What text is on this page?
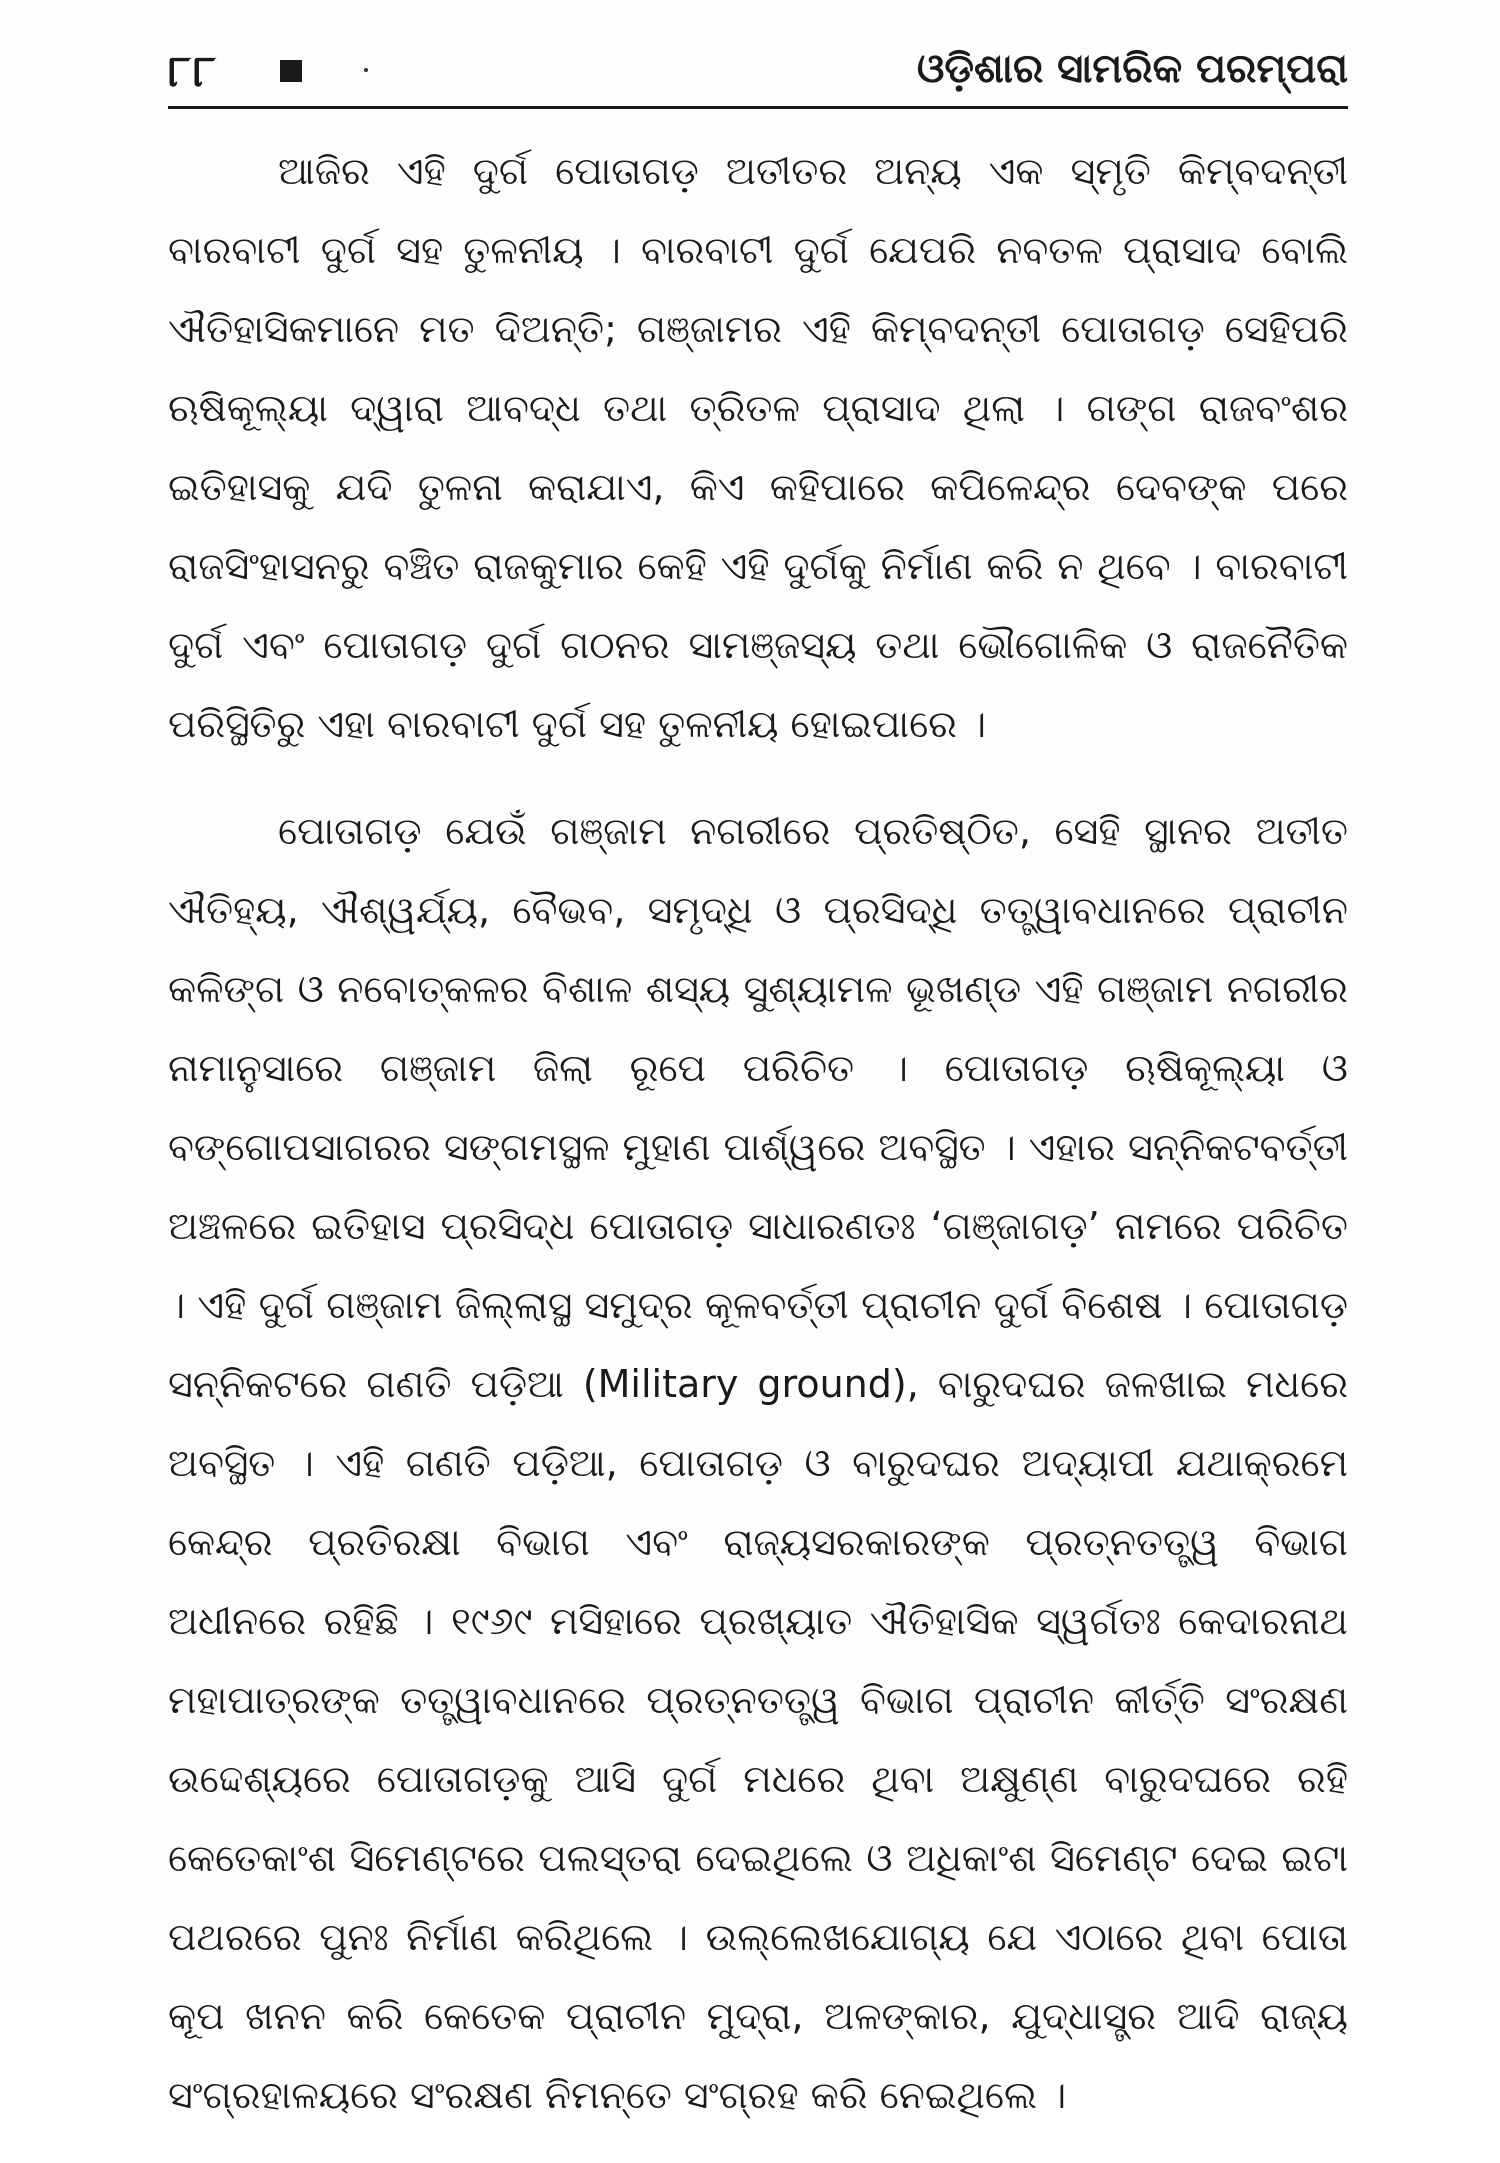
୮୮	ଓଡ଼ିଶାର ସାମରିକ ପରମ୍ପରା

ଆଜିର ଏହି ଦୁର୍ଗ ପୋତାଗଡ଼ ଅତୀତର ଅନ୍ୟ ଏକ ସ୍ମୃତି କିମ୍ବଦନ୍ତୀ ବାରବାଟୀ ଦୁର୍ଗ ସହ ତୁଳନୀୟ । ବାରବାଟୀ ଦୁର୍ଗ ଯେପରି ନବତଳ ପ୍ରାସାଦ ବୋଲି ଐତିହାସିକମାନେ ମତ ଦିଅନ୍ତି; ଗଞ୍ଜାମର ଏହି କିମ୍ବଦନ୍ତୀ ପୋତାଗଡ଼ ସେହିପରି ଋଷିକୂଲ୍ୟା ଦ୍ୱାରା ଆବଦ୍ଧ ତଥା ତ୍ରିତଳ ପ୍ରାସାଦ ଥିଲା । ଗଙ୍ଗ ରାଜବଂଶର ଇତିହାସକୁ ଯଦି ତୁଳନା କରାଯାଏ, କିଏ କହିପାରେ କପିଳେନ୍ଦ୍ର ଦେବଙ୍କ ପରେ ରାଜସିଂହାସନରୁ ବଞ୍ଚିତ ରାଜକୁମାର କେହି ଏହି ଦୁର୍ଗକୁ ନିର୍ମାଣ କରି ନ ଥିବେ । ବାରବାଟୀ ଦୁର୍ଗ ଏବଂ ପୋତାଗଡ଼ ଦୁର୍ଗ ଗଠନର ସାମଞ୍ଜସ୍ୟ ତଥା ଭୌଗୋଳିକ ଓ ରାଜନୈତିକ ପରିସ୍ଥିତିରୁ ଏହା ବାରବାଟୀ ଦୁର୍ଗ ସହ ତୁଳନୀୟ ହୋଇପାରେ ।

ପୋତାଗଡ଼ ଯେଉଁ ଗଞ୍ଜାମ ନଗରୀରେ ପ୍ରତିଷ୍ଠିତ, ସେହି ସ୍ଥାନର ଅତୀତ ଐତିହ୍ୟ, ଐଶ୍ୱର୍ଯ୍ୟ, ବୈଭବ, ସମୃଦ୍ଧି ଓ ପ୍ରସିଦ୍ଧି ତତ୍ତ୍ୱାବଧାନରେ ପ୍ରାଚୀନ କଳିଙ୍ଗ ଓ ନବୋତ୍କଳର ବିଶାଳ ଶସ୍ୟ ସୁଶ୍ୟାମଳ ଭୂଖଣ୍ଡ ଏହି ଗଞ୍ଜାମ ନଗରୀର ନାମାନୁସାରେ ଗଞ୍ଜାମ ଜିଲା ରୂପେ ପରିଚିତ । ପୋତାଗଡ଼ ଋଷିକୂଲ୍ୟା ଓ ବଙ୍ଗୋପସାଗରର ସଙ୍ଗମସ୍ଥଳ ମୁହାଣ ପାର୍ଶ୍ୱରେ ଅବସ୍ଥିତ । ଏହାର ସନ୍ନିକଟବର୍ତ୍ତୀ ଅଞ୍ଚଳରେ ଇତିହାସ ପ୍ରସିଦ୍ଧ ପୋତାଗଡ଼ ସାଧାରଣତଃ ‘ଗଞ୍ଜାଗଡ଼’ ନାମରେ ପରିଚିତ । ଏହି ଦୁର୍ଗ ଗଞ୍ଜାମ ଜିଲ୍ଲାସ୍ଥ ସମୁଦ୍ର କୂଳବର୍ତ୍ତୀ ପ୍ରାଚୀନ ଦୁର୍ଗ ବିଶେଷ । ପୋତାଗଡ଼ ସନ୍ନିକଟରେ ଗଣତି ପଡ଼ିଆ (Military ground), ବାରୁଦଘର ଜଳଖାଇ ମଧରେ ଅବସ୍ଥିତ । ଏହି ଗଣତି ପଡ଼ିଆ, ପୋତାଗଡ଼ ଓ ବାରୁଦଘର ଅଦ୍ୟାପୀ ଯଥାକ୍ରମେ କେନ୍ଦ୍ର ପ୍ରତିରକ୍ଷା ବିଭାଗ ଏବଂ ରାଜ୍ୟସରକାରଙ୍କ ପ୍ରତ୍ନତତ୍ତ୍ୱ ବିଭାଗ ଅଧୀନରେ ରହିଛି । ୧୯୬୯ ମସିହାରେ ପ୍ରଖ୍ୟାତ ଐତିହାସିକ ସ୍ୱର୍ଗତଃ କେଦାରନାଥ ମହାପାତ୍ରଙ୍କ ତତ୍ତ୍ୱାବଧାନରେ ପ୍ରତ୍ନତତ୍ତ୍ୱ ବିଭାଗ ପ୍ରାଚୀନ କୀର୍ତ୍ତି ସଂରକ୍ଷଣ ଉଦ୍ଦେଶ୍ୟରେ ପୋତାଗଡ଼କୁ ଆସି ଦୁର୍ଗ ମଧରେ ଥିବା ଅକ୍ଷୁଣ୍ଣ ବାରୁଦଘରେ ରହି କେତେକାଂଶ ସିମେଣ୍ଟରେ ପଲସ୍ତରା ଦେଇଥିଲେ ଓ ଅଧିକାଂଶ ସିମେଣ୍ଟ ଦେଇ ଇଟା ପଥରରେ ପୁନଃ ନିର୍ମାଣ କରିଥିଲେ । ଉଲ୍ଲେଖଯୋଗ୍ୟ ଯେ ଏଠାରେ ଥିବା ପୋତା କୂପ ଖନନ କରି କେତେକ ପ୍ରାଚୀନ ମୁଦ୍ରା, ଅଳଙ୍କାର, ଯୁଦ୍ଧାସ୍ତ୍ର ଆଦି ରାଜ୍ୟ ସଂଗ୍ରହାଳୟରେ ସଂରକ୍ଷଣ ନିମନ୍ତେ ସଂଗ୍ରହ କରି ନେଇଥିଲେ ।
